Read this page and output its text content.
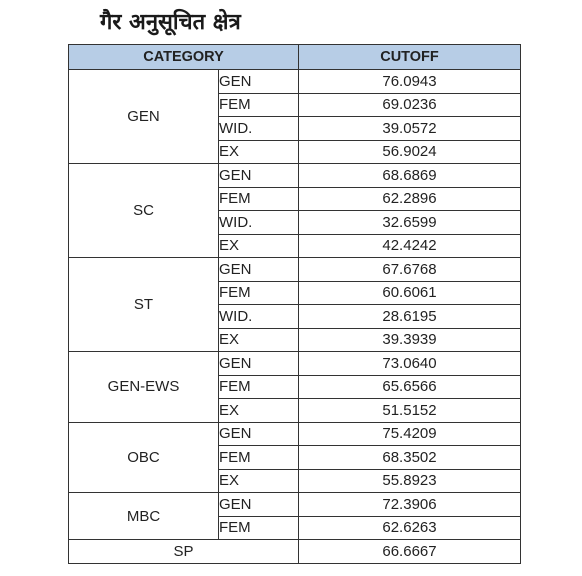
गैर अनुसूचित क्षेत्र
CATEGORY		CUTOFF
GEN	GEN	76.0943
	FEM	69.0236
	WID.	39.0572
	EX	56.9024
SC	GEN	68.6869
	FEM	62.2896
	WID.	32.6599
	EX	42.4242
ST	GEN	67.6768
	FEM	60.6061
	WID.	28.6195
	EX	39.3939
GEN-EWS	GEN	73.0640
	FEM	65.6566
	EX	51.5152
OBC	GEN	75.4209
	FEM	68.3502
	EX	55.8923
MBC	GEN	72.3906
	FEM	62.6263
SP		66.6667
